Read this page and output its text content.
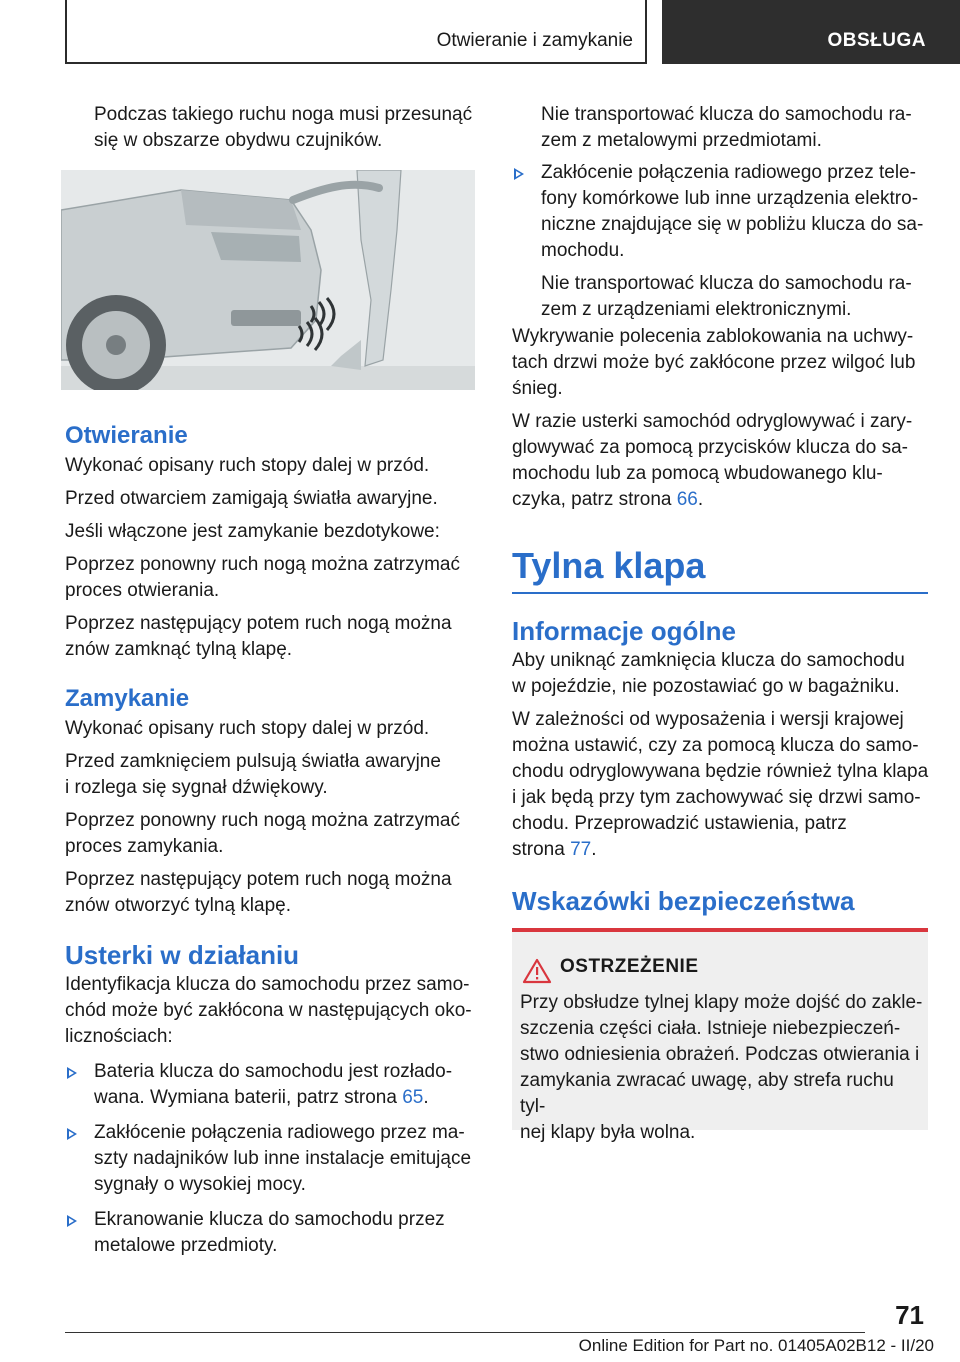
Otwieranie i zamykanie	OBSŁUGA

Podczas takiego ruchu noga musi przesunąć

się w obszarze obydwu czujników.

Otwieranie

Wykonać opisany ruch stopy dalej w przód.

Przed otwarciem zamigają światła awaryjne.

Jeśli włączone jest zamykanie bezdotykowe:

Poprzez ponowny ruch nogą można zatrzymać

proces otwierania.

Poprzez następujący potem ruch nogą można

znów zamknąć tylną klapę.

Zamykanie

Wykonać opisany ruch stopy dalej w przód.

Przed zamknięciem pulsują światła awaryjne

i rozlega się sygnał dźwiękowy.

Poprzez ponowny ruch nogą można zatrzymać

proces zamykania.

Poprzez następujący potem ruch nogą można

znów otworzyć tylną klapę.

Usterki w działaniu

Identyfikacja klucza do samochodu przez samo-

chód może być zakłócona w następujących oko-

licznościach:

Bateria klucza do samochodu jest rozłado-

wana. Wymiana baterii, patrz strona 65.

Zakłócenie połączenia radiowego przez ma-

szty nadajników lub inne instalacje emitujące

sygnały o wysokiej mocy.

Ekranowanie klucza do samochodu przez

metalowe przedmioty.

Nie transportować klucza do samochodu ra-

zem z metalowymi przedmiotami.

Zakłócenie połączenia radiowego przez tele-

fony komórkowe lub inne urządzenia elektro-

niczne znajdujące się w pobliżu klucza do sa-

mochodu.

Nie transportować klucza do samochodu ra-

zem z urządzeniami elektronicznymi.

Wykrywanie polecenia zablokowania na uchwy-

tach drzwi może być zakłócone przez wilgoć lub

śnieg.

W razie usterki samochód odryglowywać i zary-

glowywać za pomocą przycisków klucza do sa-

mochodu lub za pomocą wbudowanego klu-

czyka, patrz strona 66.

Tylna klapa
Informacje ogólne

Aby uniknąć zamknięcia klucza do samochodu

w pojeździe, nie pozostawiać go w bagażniku.

W zależności od wyposażenia i wersji krajowej

można ustawić, czy za pomocą klucza do samo-

chodu odryglowywana będzie również tylna klapa

i jak będą przy tym zachowywać się drzwi samo-

chodu. Przeprowadzić ustawienia, patrz

strona 77.

Wskazówki bezpieczeństwa
OSTRZEŻENIE

Przy obsłudze tylnej klapy może dojść do zakle-

szczenia części ciała. Istnieje niebezpieczeń-

stwo odniesienia obrażeń. Podczas otwierania i

zamykania zwracać uwagę, aby strefa ruchu tyl-

nej klapy była wolna.

71
Online Edition for Part no. 01405A02B12 - II/20
